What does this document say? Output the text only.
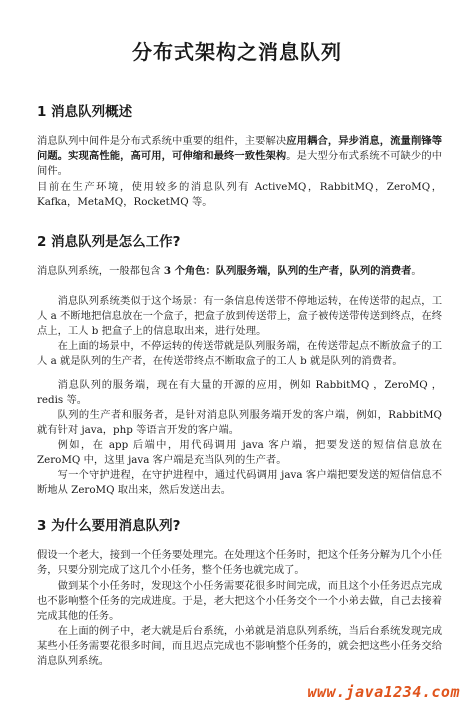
分布式架构之消息队列
1 消息队列概述

消息队列中间件是分布式系统中重要的组件，主要解决应用耦合，异步消息，流量削锋等问题。实现高性能，高可用，可伸缩和最终一致性架构。是大型分布式系统不可缺少的中间件。

目前在生产环境，使用较多的消息队列有 ActiveMQ，RabbitMQ，ZeroMQ，Kafka，MetaMQ，RocketMQ 等。

2 消息队列是怎么工作?

消息队列系统，一般都包含 3 个角色：队列服务端，队列的生产者，队列的消费者。

消息队列系统类似于这个场景：有一条信息传送带不停地运转，在传送带的起点，工人 a 不断地把信息放在一个盒子，把盒子放到传送带上，盒子被传送带传送到终点，在终点上，工人 b 把盒子上的信息取出来，进行处理。

在上面的场景中，不停运转的传送带就是队列服务端，在传送带起点不断放盒子的工人 a 就是队列的生产者，在传送带终点不断取盒子的工人 b 就是队列的消费者。

消息队列的服务端，现在有大量的开源的应用，例如 RabbitMQ ，ZeroMQ ，redis 等。

队列的生产者和服务者，是针对消息队列服务端开发的客户端，例如，RabbitMQ 就有针对 java，php 等语言开发的客户端。

例如，在 app 后端中，用代码调用 java 客户端，把要发送的短信信息放在 ZeroMQ 中，这里 java 客户端是充当队列的生产者。

写一个守护进程，在守护进程中，通过代码调用 java 客户端把要发送的短信信息不断地从 ZeroMQ 取出来，然后发送出去。

3 为什么要用消息队列?

假设一个老大，接到一个任务要处理完。在处理这个任务时，把这个任务分解为几个小任务，只要分别完成了这几个小任务，整个任务也就完成了。

做到某个小任务时，发现这个小任务需要花很多时间完成，而且这个小任务迟点完成也不影响整个任务的完成进度。于是，老大把这个小任务交个一个小弟去做，自己去接着完成其他的任务。

在上面的例子中，老大就是后台系统，小弟就是消息队列系统，当后台系统发现完成某些小任务需要花很多时间，而且迟点完成也不影响整个任务的，就会把这些小任务交给消息队列系统。

www.java1234.com
